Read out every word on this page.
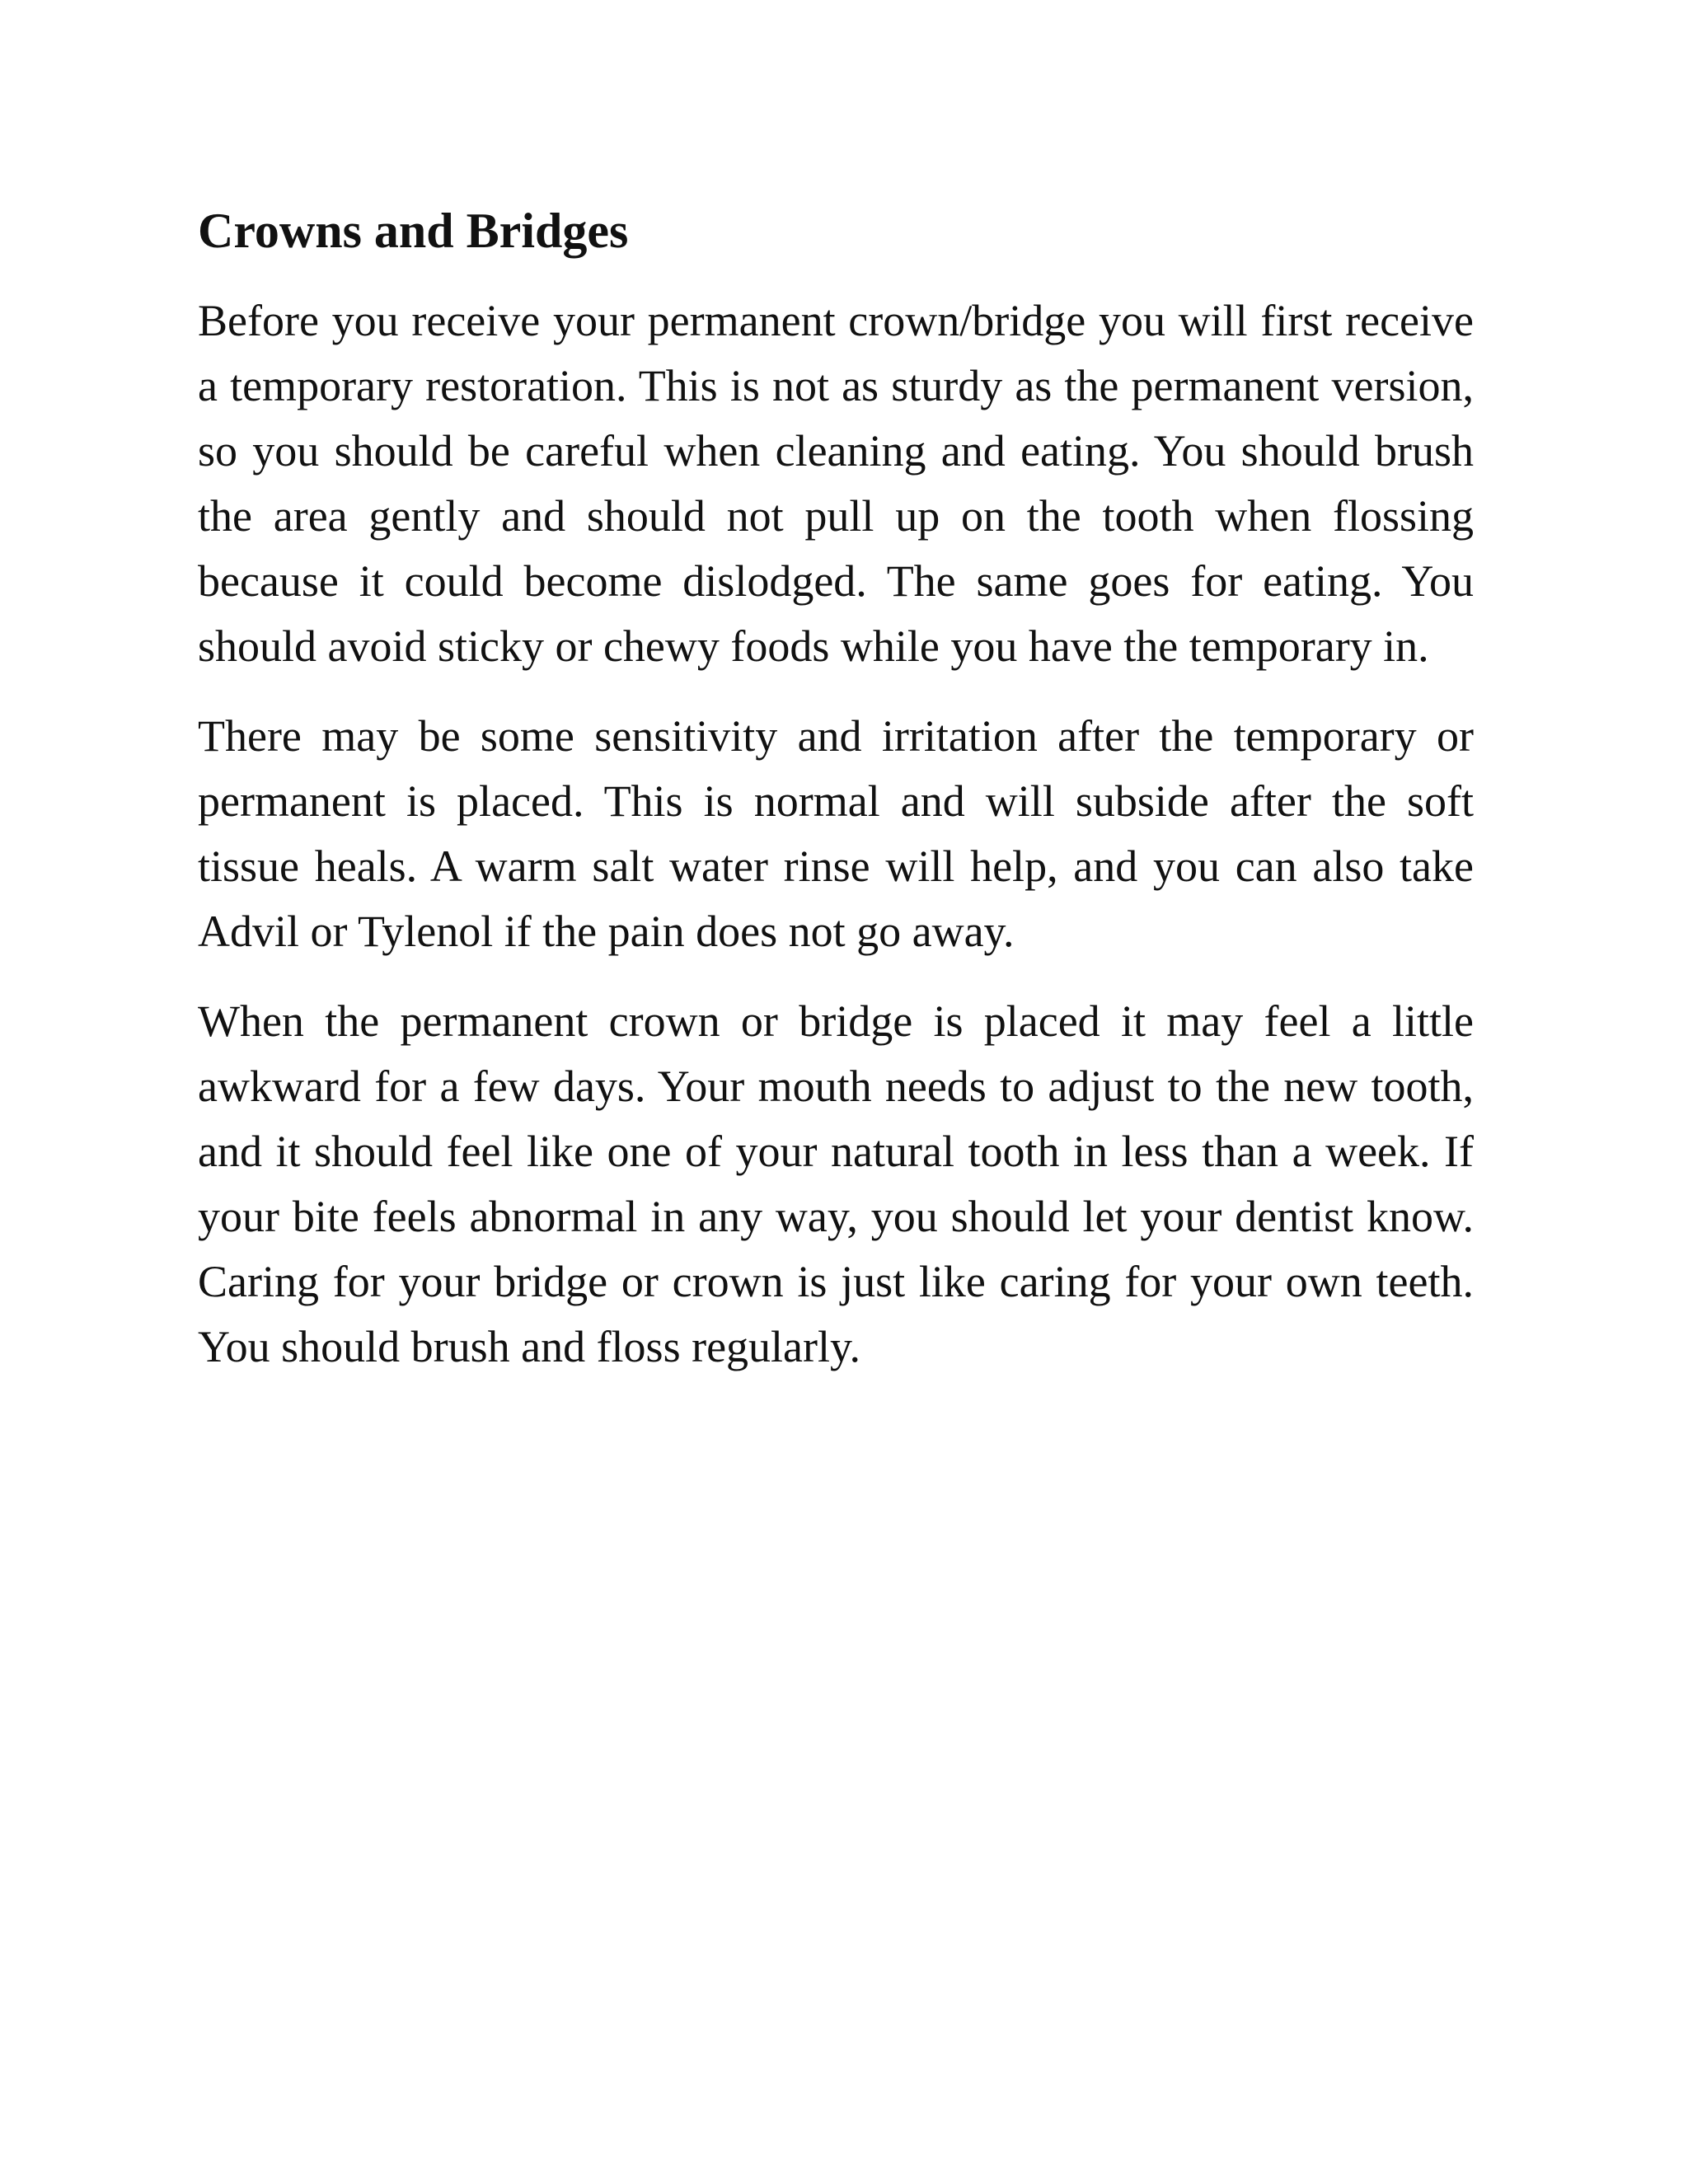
Crowns and Bridges

Before you receive your permanent crown/bridge you will first receive a temporary restoration. This is not as sturdy as the permanent version, so you should be careful when cleaning and eating. You should brush the area gently and should not pull up on the tooth when flossing because it could become dislodged. The same goes for eating. You should avoid sticky or chewy foods while you have the temporary in.

There may be some sensitivity and irritation after the temporary or permanent is placed. This is normal and will subside after the soft tissue heals. A warm salt water rinse will help, and you can also take Advil or Tylenol if the pain does not go away.

When the permanent crown or bridge is placed it may feel a little awkward for a few days. Your mouth needs to adjust to the new tooth, and it should feel like one of your natural tooth in less than a week. If your bite feels abnormal in any way, you should let your dentist know. Caring for your bridge or crown is just like caring for your own teeth. You should brush and floss regularly.
